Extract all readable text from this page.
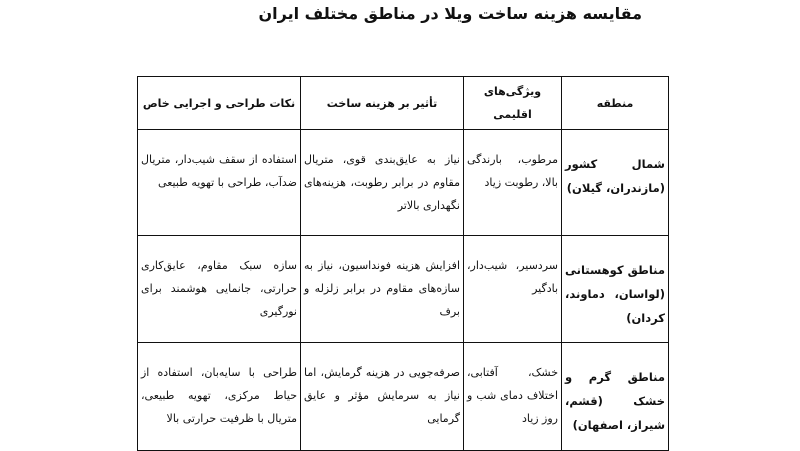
مقایسه هزینه ساخت ویلا در مناطق مختلف ایران
منطقه	ویژگی‌های اقلیمی	تأثیر بر هزینه ساخت	نکات طراحی و اجرایی خاص
شمال کشور (مازندران، گیلان)	مرطوب، بارندگی بالا، رطوبت زیاد	نیاز به عایق‌بندی قوی، متریال مقاوم در برابر رطوبت، هزینه‌های نگهداری بالاتر	استفاده از سقف شیب‌دار، متریال ضدآب، طراحی با تهویه طبیعی
مناطق کوهستانی (لواسان، دماوند، کردان)	سردسیر، شیب‌دار، بادگیر	افزایش هزینه فونداسیون، نیاز به سازه‌های مقاوم در برابر زلزله و برف	سازه سبک مقاوم، عایق‌کاری حرارتی، جانمایی هوشمند برای نورگیری
مناطق گرم و خشک (قشم، شیراز، اصفهان)	خشک، آفتابی، اختلاف دمای شب و روز زیاد	صرفه‌جویی در هزینه گرمایش، اما نیاز به سرمایش مؤثر و عایق گرمایی	طراحی با سایه‌بان، استفاده از حیاط مرکزی، تهویه طبیعی، متریال با ظرفیت حرارتی بالا
